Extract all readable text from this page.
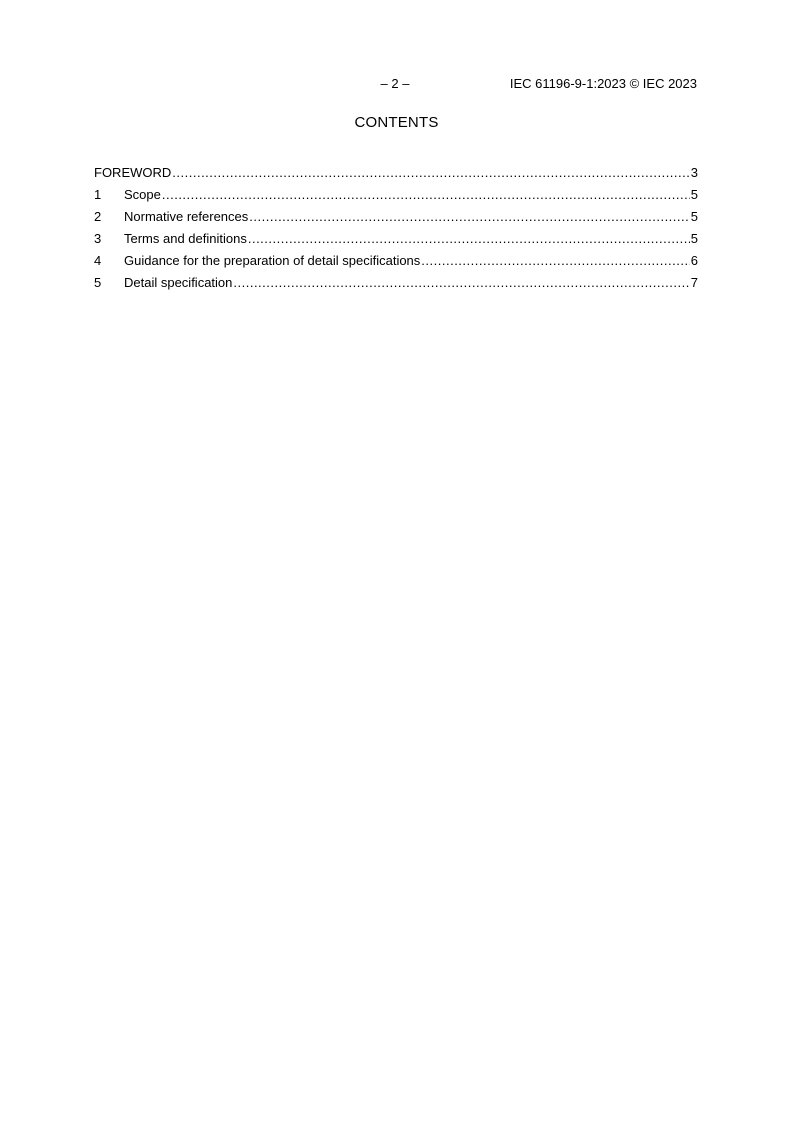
– 2 –	IEC 61196-9-1:2023 © IEC 2023
CONTENTS
FOREWORD .....	3
1	Scope .....	5
2	Normative references .....	5
3	Terms and definitions .....	5
4	Guidance for the preparation of detail specifications .....	6
5	Detail specification .....	7
